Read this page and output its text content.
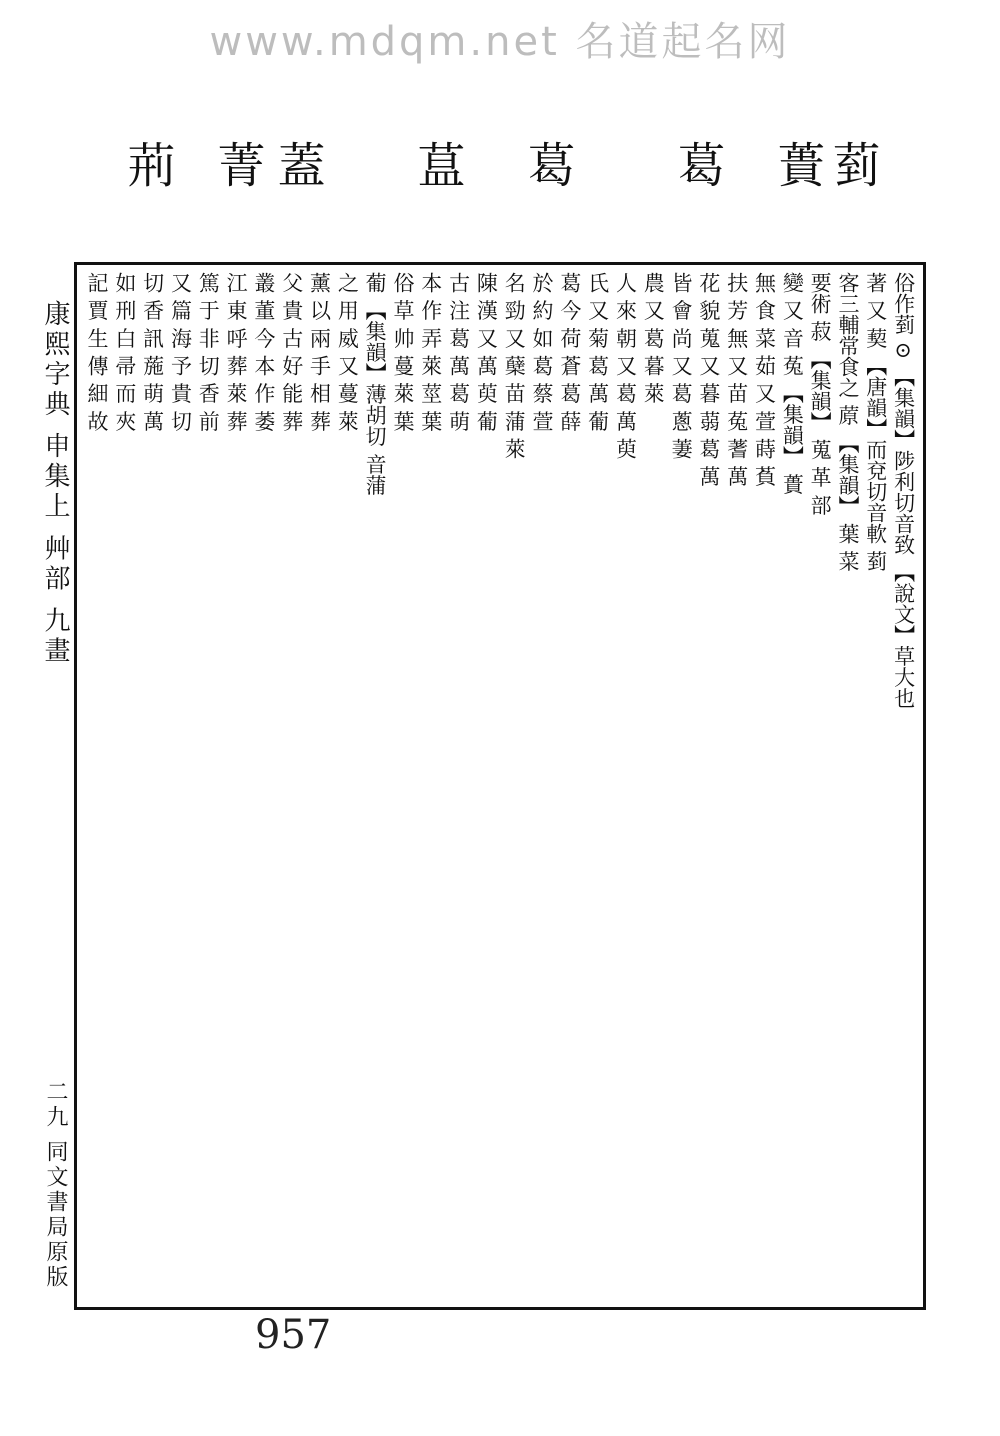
www.mdqm.net 名道起名网
荊 菁 蓋 蒀 葛 葛 蕢 菿
康熙字典 申集上 艸部 九畫
二九 同文書局原版
俗作菿 ⊙ 【集韻】陟利切音致 【說文】草大也
著 又 葜 【唐韻】而兗切音軟 菿
客三輔常食之 蒝 【集韻】 葉 菜
要術 菽 【集韻】 蒐 革 部
變 又 音 菟 【集韻】 蕢
無 食 菜 茹 又 萱 蒔 萯
扶 芳 無 又 苗 菟 蓍 萬
花 貌 蒐 又 暮 蒻 葛 萬
皆 會 尚 又 葛 蔥 萋
農 又 葛 暮 萊
人 來 朝 又 葛 萬 萸
氏 又 菊 葛 萬 葡
葛 今 荷 蒼 葛 薛
於 約 如 葛 蔡 萱
名 勁 又 蘖 苗 蒲 萊
陳 漢 又 萬 萸 葡
古 注 葛 萬 葛 萌
本 作 弄 萊 莖 葉
俗 草 帅 蔓 萊 葉
葡 【集韻】薄胡切 音蒲
之 用 威 又 蔓 萊
薰 以 兩 手 相 葬
父 貴 古 好 能 葬
叢 董 今 本 作 萎
江 東 呼 葬 萊 葬
篤 于 非 切 香 前
又 篇 海 予 貴 切
切 香 訊 葹 萌 萬
如 刑 白 帚 而 夾
記 賈 生 傳 細 故
957
